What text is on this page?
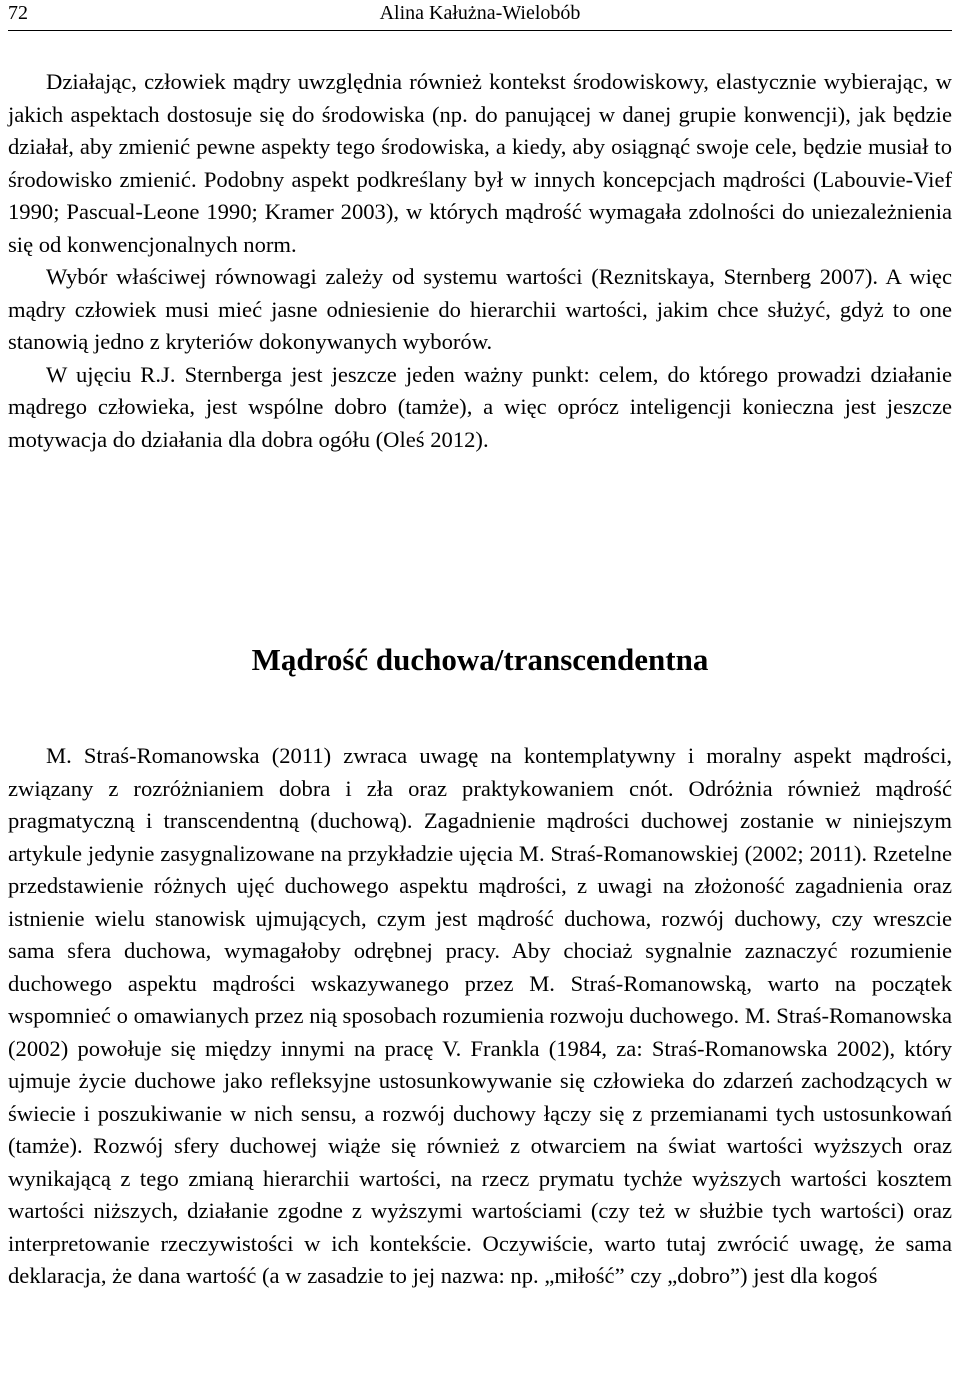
72	Alina Kałużna-Wielobób

Działając, człowiek mądry uwzględnia również kontekst środowiskowy, elastycznie wybierając, w jakich aspektach dostosuje się do środowiska (np. do panującej w danej grupie konwencji), jak będzie działał, aby zmienić pewne aspekty tego środowiska, a kiedy, aby osiągnąć swoje cele, będzie musiał to środowisko zmienić. Podobny aspekt podkreślany był w innych koncepcjach mądrości (Labouvie-Vief 1990; Pascual-Leone 1990; Kramer 2003), w których mądrość wymagała zdolności do uniezależnienia się od konwencjonalnych norm.

Wybór właściwej równowagi zależy od systemu wartości (Reznitskaya, Sternberg 2007). A więc mądry człowiek musi mieć jasne odniesienie do hierarchii wartości, jakim chce służyć, gdyż to one stanowią jedno z kryteriów dokonywanych wyborów.

W ujęciu R.J. Sternberga jest jeszcze jeden ważny punkt: celem, do którego prowadzi działanie mądrego człowieka, jest wspólne dobro (tamże), a więc oprócz inteligencji konieczna jest jeszcze motywacja do działania dla dobra ogółu (Oleś 2012).

Mądrość duchowa/transcendentna

M. Straś-Romanowska (2011) zwraca uwagę na kontemplatywny i moralny aspekt mądrości, związany z rozróżnianiem dobra i zła oraz praktykowaniem cnót. Odróżnia również mądrość pragmatyczną i transcendentną (duchową). Zagadnienie mądrości duchowej zostanie w niniejszym artykule jedynie zasygnalizowane na przykładzie ujęcia M. Straś-Romanowskiej (2002; 2011). Rzetelne przedstawienie różnych ujęć duchowego aspektu mądrości, z uwagi na złożoność zagadnienia oraz istnienie wielu stanowisk ujmujących, czym jest mądrość duchowa, rozwój duchowy, czy wreszcie sama sfera duchowa, wymagałoby odrębnej pracy. Aby chociaż sygnalnie zaznaczyć rozumienie duchowego aspektu mądrości wskazywanego przez M. Straś-Romanowską, warto na początek wspomnieć o omawianych przez nią sposobach rozumienia rozwoju duchowego. M. Straś-Romanowska (2002) powołuje się między innymi na pracę V. Frankla (1984, za: Straś-Romanowska 2002), który ujmuje życie duchowe jako refleksyjne ustosunkowywanie się człowieka do zdarzeń zachodzących w świecie i poszukiwanie w nich sensu, a rozwój duchowy łączy się z przemianami tych ustosunkowań (tamże). Rozwój sfery duchowej wiąże się również z otwarciem na świat wartości wyższych oraz wynikającą z tego zmianą hierarchii wartości, na rzecz prymatu tychże wyższych wartości kosztem wartości niższych, działanie zgodne z wyższymi wartościami (czy też w służbie tych wartości) oraz interpretowanie rzeczywistości w ich kontekście. Oczywiście, warto tutaj zwrócić uwagę, że sama deklaracja, że dana wartość (a w zasadzie to jej nazwa: np. „miłość” czy „dobro”) jest dla kogoś
